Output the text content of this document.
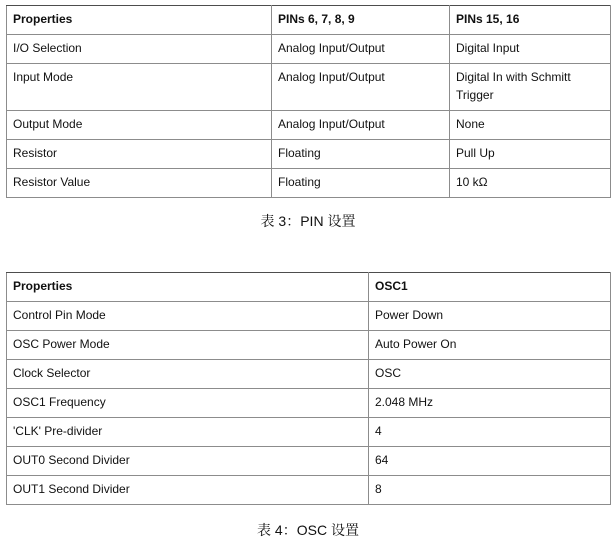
Properties	PINs 6, 7, 8, 9	PINs 15, 16
I/O Selection	Analog Input/Output	Digital Input
Input Mode	Analog Input/Output	Digital In with Schmitt Trigger
Output Mode	Analog Input/Output	None
Resistor	Floating	Pull Up
Resistor Value	Floating	10 kΩ
表 3：PIN 设置
Properties	OSC1
Control Pin Mode	Power Down
OSC Power Mode	Auto Power On
Clock Selector	OSC
OSC1 Frequency	2.048 MHz
'CLK' Pre-divider	4
OUT0 Second Divider	64
OUT1 Second Divider	8
表 4：OSC 设置
